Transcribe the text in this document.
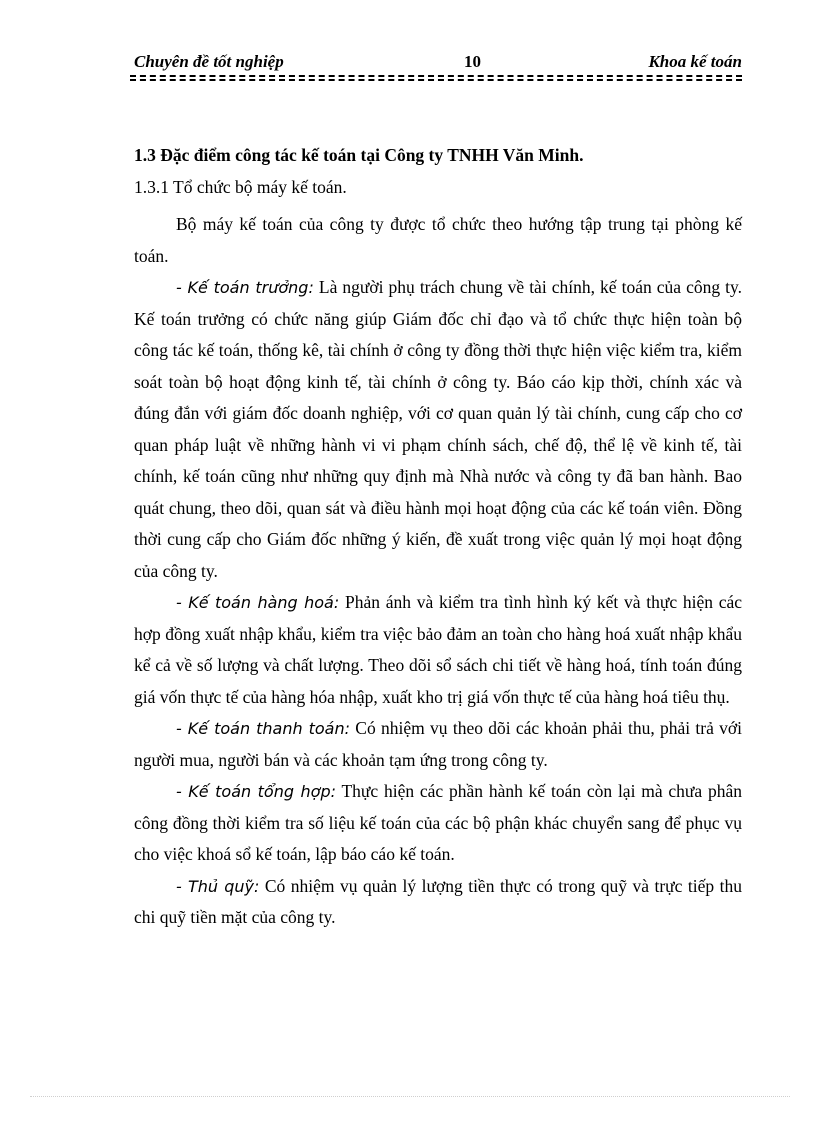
Chuyên đề tốt nghiệp	10	Khoa kế toán

1.3 Đặc điểm công tác kế toán tại Công ty TNHH Văn Minh.

1.3.1 Tổ chức bộ máy kế toán.

Bộ máy kế toán của công ty được tổ chức theo hướng tập trung tại phòng kế toán.

- Kế toán trưởng: Là người phụ trách chung về tài chính, kế toán của công ty. Kế toán trưởng có chức năng giúp Giám đốc chỉ đạo và tổ chức thực hiện toàn bộ công tác kế toán, thống kê, tài chính ở công ty đồng thời thực hiện việc kiểm tra, kiểm soát toàn bộ hoạt động kinh tế, tài chính ở công ty. Báo cáo kịp thời, chính xác và đúng đắn với giám đốc doanh nghiệp, với cơ quan quản lý tài chính, cung cấp cho cơ quan pháp luật về những hành vi vi phạm chính sách, chế độ, thể lệ về kinh tế, tài chính, kế toán cũng như những quy định mà Nhà nước và công ty đã ban hành. Bao quát chung, theo dõi, quan sát và điều hành mọi hoạt động của các kế toán viên. Đồng thời cung cấp cho Giám đốc những ý kiến, đề xuất trong việc quản lý mọi hoạt động của công ty.

- Kế toán hàng hoá: Phản ánh và kiểm tra tình hình ký kết và thực hiện các hợp đồng xuất nhập khẩu, kiểm tra việc bảo đảm an toàn cho hàng hoá xuất nhập khẩu kể cả về số lượng và chất lượng. Theo dõi sổ sách chi tiết về hàng hoá, tính toán đúng giá vốn thực tế của hàng hóa nhập, xuất kho trị giá vốn thực tế của hàng hoá tiêu thụ.

- Kế toán thanh toán: Có nhiệm vụ theo dõi các khoản phải thu, phải trả với người mua, người bán và các khoản tạm ứng trong công ty.

- Kế toán tổng hợp: Thực hiện các phần hành kế toán còn lại mà chưa phân công đồng thời kiểm tra số liệu kế toán của các bộ phận khác chuyển sang để phục vụ cho việc khoá sổ kế toán, lập báo cáo kế toán.

- Thủ quỹ: Có nhiệm vụ quản lý lượng tiền thực có trong quỹ và trực tiếp thu chi quỹ tiền mặt của công ty.
